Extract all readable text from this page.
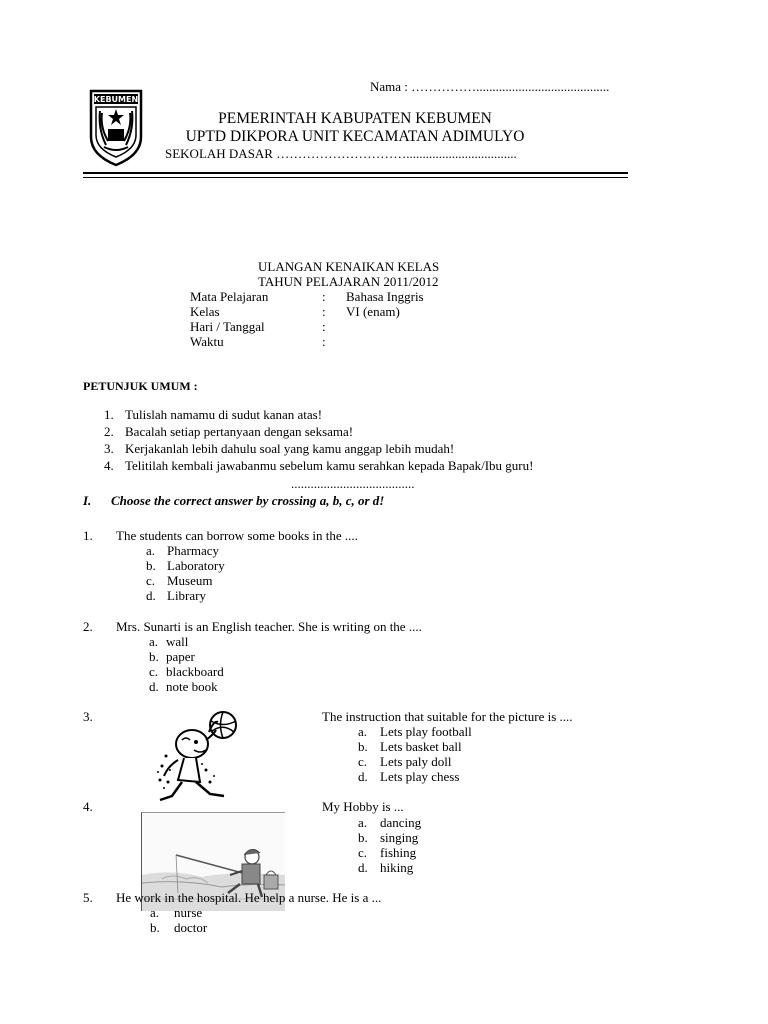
Nama : …………….........................................
KEBUMEN
PEMERINTAH KABUPATEN KEBUMEN
UPTD DIKPORA UNIT KECAMATAN ADIMULYO
SEKOLAH DASAR …………………………..................................
ULANGAN KENAIKAN KELAS
TAHUN PELAJARAN 2011/2012
Mata Pelajaran	: Bahasa Inggris
Kelas	: VI (enam)
Hari / Tanggal	:
Waktu	:
PETUNJUK UMUM :
1. Tulislah namamu di sudut kanan atas!
2. Bacalah setiap pertanyaan dengan seksama!
3. Kerjakanlah lebih dahulu soal yang kamu anggap lebih mudah!
4. Telitilah kembali jawabanmu sebelum kamu serahkan kepada Bapak/Ibu guru!
......................................
I. Choose the correct answer by crossing a, b, c, or d!
1. The students can borrow some books in the ....
a. Pharmacy
b. Laboratory
c. Museum
d. Library
2. Mrs. Sunarti is an English teacher. She is writing on the ....
a. wall
b. paper
c. blackboard
d. note book
3.	The instruction that suitable for the picture is ....
a. Lets play football
b. Lets basket ball
c. Lets paly doll
d. Lets play chess
4.	My Hobby is ...
a. dancing
b. singing
c. fishing
d. hiking
5. He work in the hospital. He help a nurse. He is a ...
a. nurse
b. doctor
